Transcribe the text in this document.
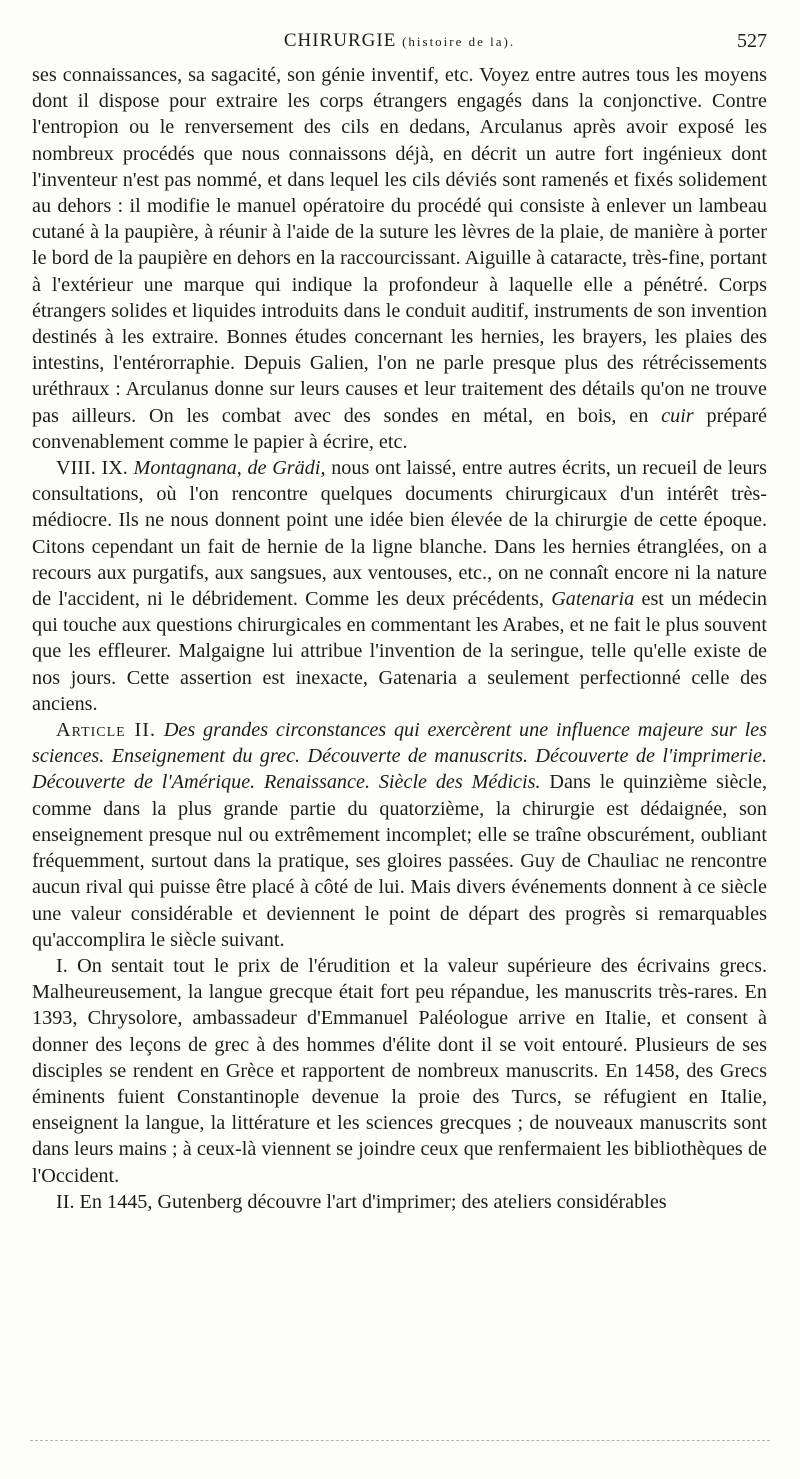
CHIRURGIE (histoire de la).	527

ses connaissances, sa sagacité, son génie inventif, etc. Voyez entre autres tous les moyens dont il dispose pour extraire les corps étrangers engagés dans la conjonctive. Contre l'entropion ou le renversement des cils en dedans, Arculanus après avoir exposé les nombreux procédés que nous connaissons déjà, en décrit un autre fort ingénieux dont l'inventeur n'est pas nommé, et dans lequel les cils déviés sont ramenés et fixés solidement au dehors : il modifie le manuel opératoire du procédé qui consiste à enlever un lambeau cutané à la paupière, à réunir à l'aide de la suture les lèvres de la plaie, de manière à porter le bord de la paupière en dehors en la raccourcissant. Aiguille à cataracte, très-fine, portant à l'extérieur une marque qui indique la profondeur à laquelle elle a pénétré. Corps étrangers solides et liquides introduits dans le conduit auditif, instruments de son invention destinés à les extraire. Bonnes études concernant les hernies, les brayers, les plaies des intestins, l'entérorraphie. Depuis Galien, l'on ne parle presque plus des rétrécissements uréthraux : Arculanus donne sur leurs causes et leur traitement des détails qu'on ne trouve pas ailleurs. On les combat avec des sondes en métal, en bois, en cuir préparé convenablement comme le papier à écrire, etc.

VIII. IX. Montagnana, de Grädi, nous ont laissé, entre autres écrits, un recueil de leurs consultations, où l'on rencontre quelques documents chirurgicaux d'un intérêt très-médiocre. Ils ne nous donnent point une idée bien élevée de la chirurgie de cette époque. Citons cependant un fait de hernie de la ligne blanche. Dans les hernies étranglées, on a recours aux purgatifs, aux sangsues, aux ventouses, etc., on ne connaît encore ni la nature de l'accident, ni le débridement. Comme les deux précédents, Gatenaria est un médecin qui touche aux questions chirurgicales en commentant les Arabes, et ne fait le plus souvent que les effleurer. Malgaigne lui attribue l'invention de la seringue, telle qu'elle existe de nos jours. Cette assertion est inexacte, Gatenaria a seulement perfectionné celle des anciens.

Article II. Des grandes circonstances qui exercèrent une influence majeure sur les sciences. Enseignement du grec. Découverte de manuscrits. Découverte de l'imprimerie. Découverte de l'Amérique. Renaissance. Siècle des Médicis. Dans le quinzième siècle, comme dans la plus grande partie du quatorzième, la chirurgie est dédaignée, son enseignement presque nul ou extrêmement incomplet; elle se traîne obscurément, oubliant fréquemment, surtout dans la pratique, ses gloires passées. Guy de Chauliac ne rencontre aucun rival qui puisse être placé à côté de lui. Mais divers événements donnent à ce siècle une valeur considérable et deviennent le point de départ des progrès si remarquables qu'accomplira le siècle suivant.

I. On sentait tout le prix de l'érudition et la valeur supérieure des écrivains grecs. Malheureusement, la langue grecque était fort peu répandue, les manuscrits très-rares. En 1393, Chrysolore, ambassadeur d'Emmanuel Paléologue arrive en Italie, et consent à donner des leçons de grec à des hommes d'élite dont il se voit entouré. Plusieurs de ses disciples se rendent en Grèce et rapportent de nombreux manuscrits. En 1458, des Grecs éminents fuient Constantinople devenue la proie des Turcs, se réfugient en Italie, enseignent la langue, la littérature et les sciences grecques ; de nouveaux manuscrits sont dans leurs mains ; à ceux-là viennent se joindre ceux que renfermaient les bibliothèques de l'Occident.

II. En 1445, Gutenberg découvre l'art d'imprimer; des ateliers considérables
